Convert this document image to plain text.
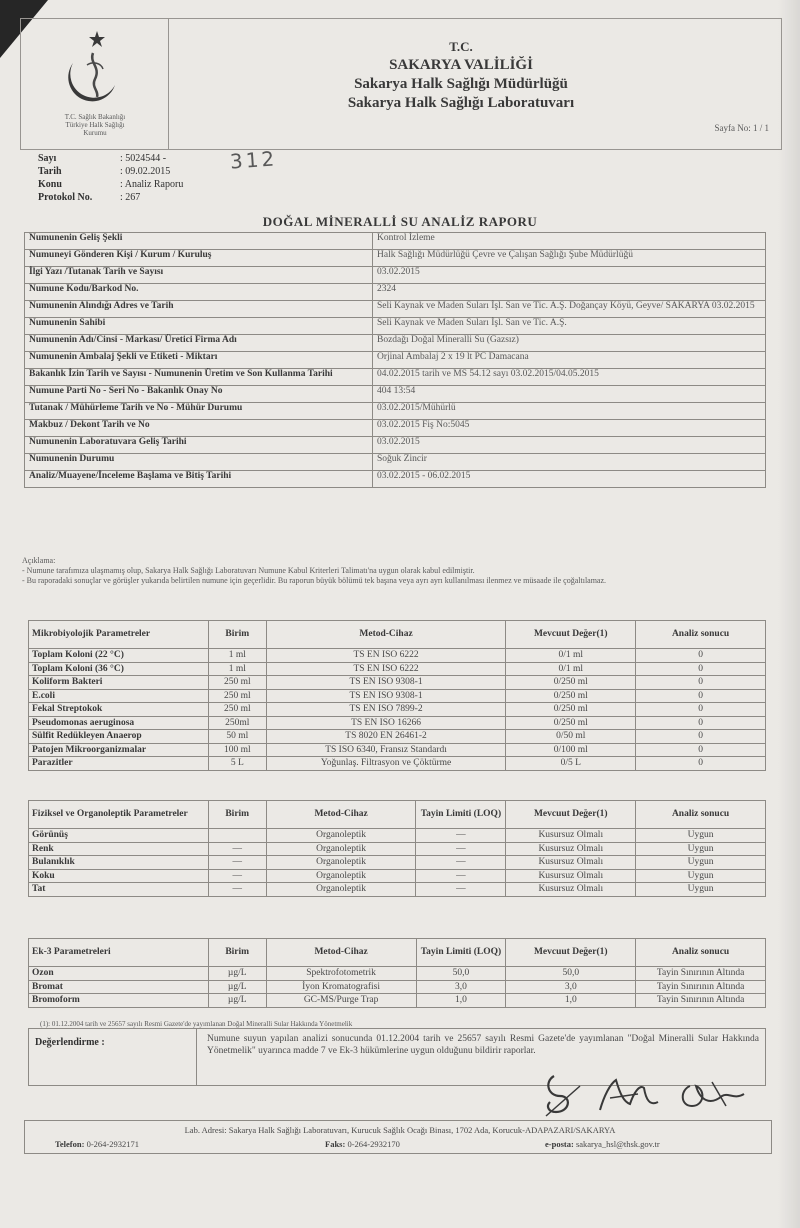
T.C. Sağlık Bakanlığı
Türkiye Halk Sağlığı
Kurumu
T.C.
SAKARYA VALİLİĞİ
Sakarya Halk Sağlığı Müdürlüğü
Sakarya Halk Sağlığı Laboratuvarı
Sayfa No: 1 / 1
Sayı	: 5024544 -
Tarih	: 09.02.2015
Konu	: Analiz Raporu
Protokol No.	: 267
312
DOĞAL MİNERALLİ SU ANALİZ RAPORU
Numunenin Geliş Şekli	Kontrol İzleme
Numuneyi Gönderen Kişi / Kurum / Kuruluş	Halk Sağlığı Müdürlüğü Çevre ve Çalışan Sağlığı Şube Müdürlüğü
İlgi Yazı /Tutanak Tarih ve Sayısı	03.02.2015
Numune Kodu/Barkod No.	2324
Numunenin Alındığı Adres ve Tarih	Seli Kaynak ve Maden Suları İşl. San ve Tic. A.Ş. Doğançay Köyü, Geyve/ SAKARYA 03.02.2015
Numunenin Sahibi	Seli Kaynak ve Maden Suları İşl. San ve Tic. A.Ş.
Numunenin Adı/Cinsi - Markası/ Üretici Firma Adı	Bozdağı Doğal Mineralli Su (Gazsız)
Numunenin Ambalaj Şekli ve Etiketi - Miktarı	Orjinal Ambalaj 2 x 19 lt PC Damacana
Bakanlık İzin Tarih ve Sayısı - Numunenin Üretim ve Son Kullanma Tarihi	04.02.2015 tarih ve MS 54.12 sayı 03.02.2015/04.05.2015
Numune Parti No - Seri No - Bakanlık Onay No	404 13:54
Tutanak / Mühürleme Tarih ve No - Mühür Durumu	03.02.2015/Mühürlü
Makbuz / Dekont Tarih ve No	03.02.2015 Fiş No:5045
Numunenin Laboratuvara Geliş Tarihi	03.02.2015
Numunenin Durumu	Soğuk Zincir
Analiz/Muayene/İnceleme Başlama ve Bitiş Tarihi	03.02.2015 - 06.02.2015
Açıklama:
- Numune tarafımıza ulaşmamış olup, Sakarya Halk Sağlığı Laboratuvarı Numune Kabul Kriterleri Talimatı'na uygun olarak kabul edilmiştir.
- Bu raporadaki sonuçlar ve görüşler yukarıda belirtilen numune için geçerlidir. Bu raporun büyük bölümü tek başına veya ayrı ayrı kullanılması ilenmez ve müsaade ile çoğaltılamaz.
Mikrobiyolojik Parametreler	Birim	Metod-Cihaz	Mevcuut Değer(1)	Analiz sonucu
Toplam Koloni (22 °C)	1 ml	TS EN ISO 6222	0/1 ml	0
Toplam Koloni (36 °C)	1 ml	TS EN ISO 6222	0/1 ml	0
Koliform Bakteri	250 ml	TS EN ISO 9308-1	0/250 ml	0
E.coli	250 ml	TS EN ISO 9308-1	0/250 ml	0
Fekal Streptokok	250 ml	TS EN ISO 7899-2	0/250 ml	0
Pseudomonas aeruginosa	250ml	TS EN ISO 16266	0/250 ml	0
Sülfit Redükleyen Anaerop	50 ml	TS 8020 EN 26461-2	0/50 ml	0
Patojen Mikroorganizmalar	100 ml	TS ISO 6340, Fransız Standardı	0/100 ml	0
Parazitler	5 L	Yoğunlaş. Filtrasyon ve Çöktürme	0/5 L	0
Fiziksel ve Organoleptik Parametreler	Birim	Metod-Cihaz	Tayin Limiti (LOQ)	Mevcuut Değer(1)	Analiz sonucu
Görünüş		Organoleptik	—	Kusursuz Olmalı	Uygun
Renk	—	Organoleptik	—	Kusursuz Olmalı	Uygun
Bulanıklık	—	Organoleptik	—	Kusursuz Olmalı	Uygun
Koku	—	Organoleptik	—	Kusursuz Olmalı	Uygun
Tat	—	Organoleptik	—	Kusursuz Olmalı	Uygun
Ek-3 Parametreleri	Birim	Metod-Cihaz	Tayin Limiti (LOQ)	Mevcuut Değer(1)	Analiz sonucu
Ozon	µg/L	Spektrofotometrik	50,0	50,0	Tayin Sınırının Altında
Bromat	µg/L	İyon Kromatografisi	3,0	3,0	Tayin Sınırının Altında
Bromoform	µg/L	GC-MS/Purge Trap	1,0	1,0	Tayin Sınırının Altında
(1): 01.12.2004 tarih ve 25657 sayılı Resmi Gazete'de yayımlanan Doğal Mineralli Sular Hakkında Yönetmelik
Değerlendirme :	Numune suyun yapılan analizi sonucunda 01.12.2004 tarih ve 25657 sayılı Resmi Gazete'de yayımlanan "Doğal Mineralli Sular Hakkında Yönetmelik" uyarınca madde 7 ve Ek-3 hükümlerine uygun olduğunu bildirir raporlar.
Lab. Adresi: Sakarya Halk Sağlığı Laboratuvarı, Kurucuk Sağlık Ocağı Binası, 1702 Ada, Korucuk-ADAPAZARI/SAKARYA
Telefon: 0-264-2932171	Faks: 0-264-2932170	e-posta: sakarya_hsl@thsk.gov.tr
